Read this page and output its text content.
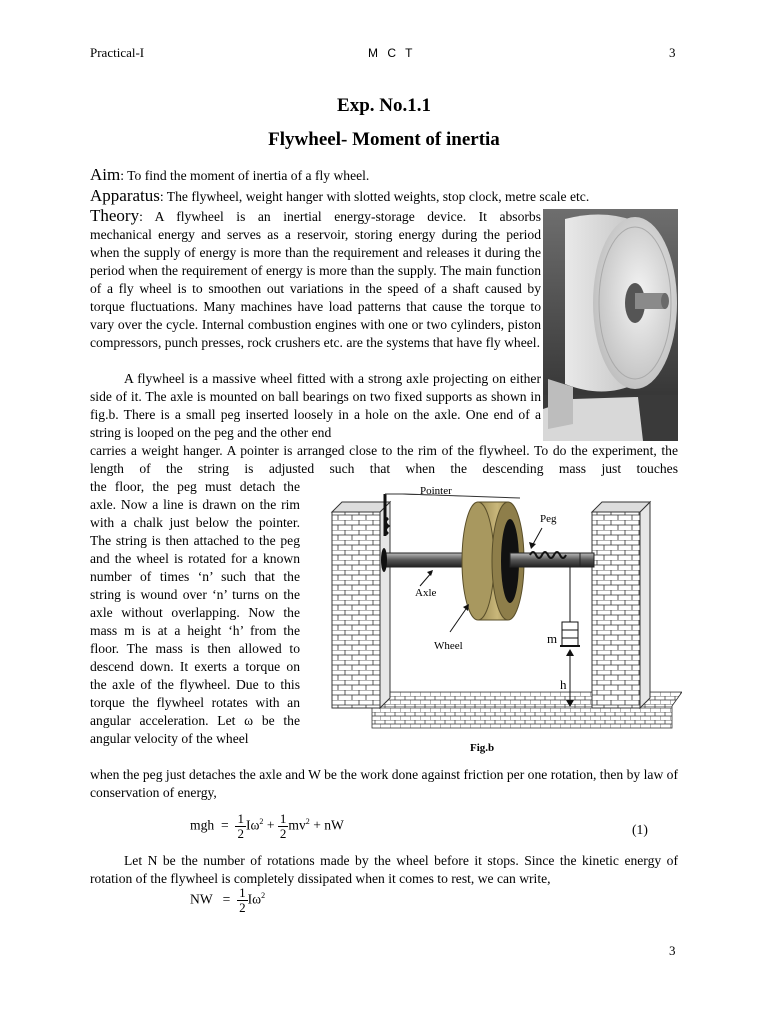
Practical-I	M C T	3
Exp. No.1.1
Flywheel- Moment of inertia
Aim: To find the moment of inertia of a fly wheel.
Apparatus: The flywheel, weight hanger with slotted weights, stop clock, metre scale etc.
Theory: A flywheel is an inertial energy-storage device. It absorbs
mechanical energy and serves as a reservoir, storing energy during the period when the supply of energy is more than the requirement and releases it during the period when the requirement of energy is more than the supply. The main function of a fly wheel is to smoothen out variations in the speed of a shaft caused by torque fluctuations. Many machines have load patterns that cause the torque to vary over the cycle. Internal combustion engines with one or two cylinders, piston compressors, punch presses, rock crushers etc. are the systems that have fly wheel.
A flywheel is a massive wheel fitted with a strong axle projecting on either side of it. The axle is mounted on ball bearings on two fixed supports as shown in fig.b. There is a small peg inserted loosely in a hole on the axle. One end of a string is looped on the peg and the other end
carries a weight hanger. A pointer is arranged close to the rim of the flywheel. To do the experiment, the length of the string is adjusted such that when the descending mass just touches
the floor, the peg must detach the axle. Now a line is drawn on the rim with a chalk just below the pointer. The string is then attached to the peg and the wheel is rotated for a known number of times ‘n’ such that the string is wound over ‘n’ turns on the axle without overlapping. Now the mass m is at a height ‘h’ from the floor. The mass is then allowed to descend down. It exerts a torque on the axle of the flywheel. Due to this torque the flywheel rotates with an angular acceleration. Let ω be the angular velocity of the wheel
when the peg just detaches the axle and W be the work done against friction per one rotation, then by law of conservation of energy,
mgh = $\frac{1}{2} I\omega^2 + \frac{1}{2} mv^2$ + nW	(1)
Let N be the number of rotations made by the wheel before it stops. Since the kinetic energy of rotation of the flywheel is completely dissipated when it comes to rest, we can write,
NW = $\frac{1}{2} I\omega^2$
3
Pointer
Peg
Axle
Wheel	m
h
Fig.b
